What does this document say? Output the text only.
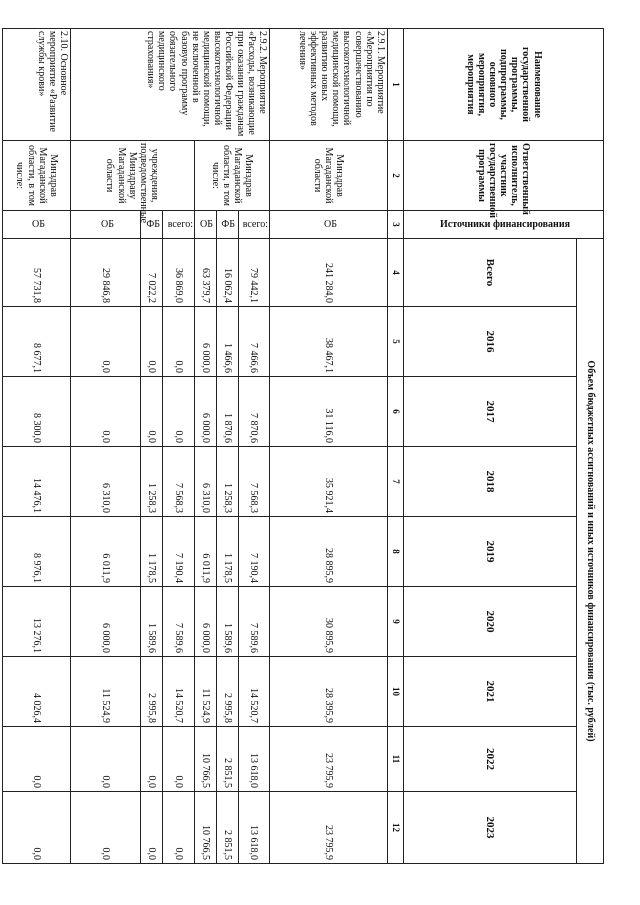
Наименование государственной программы, подпрограммы, основного мероприятия, мероприятия	Ответственный исполнитель, участник государственной программы	Источники финансирования	Объем бюджетных ассигнований и иных источников финансирования (тыс. рублей)								
			Всего	2016	2017	2018	2019	2020	2021	2022	2023
1	2	3	4	5	6	7	8	9	10	11	12
2.9.1. Мероприятие «Мероприятия по совершенствованию высокотехнологичной медицинской помощи, развитию новых эффективных методов лечения»	Минздрав Магаданской области	ОБ	241 284,0	38 467,1	31 116,0	35 921,4	28 895,9	30 895,9	28 395,9	23 795,9	23 795,9
2.9.2. Мероприятие «Расходы, возникающие при оказании гражданам Российской Федерации высокотехнологичной медицинской помощи, не включенной в базовую программу обязательного медицинского страхования»	Минздрав Магаданской области, в том числе:	всего:	79 442,1	7 466,6	7 870,6	7 568,3	7 190,4	7 589,6	14 520,7	13 618,0	13 618,0
		ФБ	16 062,4	1 466,6	1 870,6	1 258,3	1 178,5	1 589,6	2 995,8	2 851,5	2 851,5
		ОБ	63 379,7	6 000,0	6 000,0	6 310,0	6 011,9	6 000,0	11 524,9	10 766,5	10 766,5
	учреждения, подведомственные Минздраву Магаданской области	всего:	36 869,0	0,0	0,0	7 568,3	7 190,4	7 589,6	14 520,7	0,0	0,0
		ФБ	7 022,2	0,0	0,0	1 258,3	1 178,5	1 589,6	2 995,8	0,0	0,0
		ОБ	29 846,8	0,0	0,0	6 310,0	6 011,9	6 000,0	11 524,9	0,0	0,0
2.10. Основное мероприятие «Развитие службы крови»	Минздрав Магаданской области, в том числе:	ОБ	57 731,8	8 677,1	8 300,0	14 476,1	8 976,1	13 276,1	4 026,4	0,0	0,0
